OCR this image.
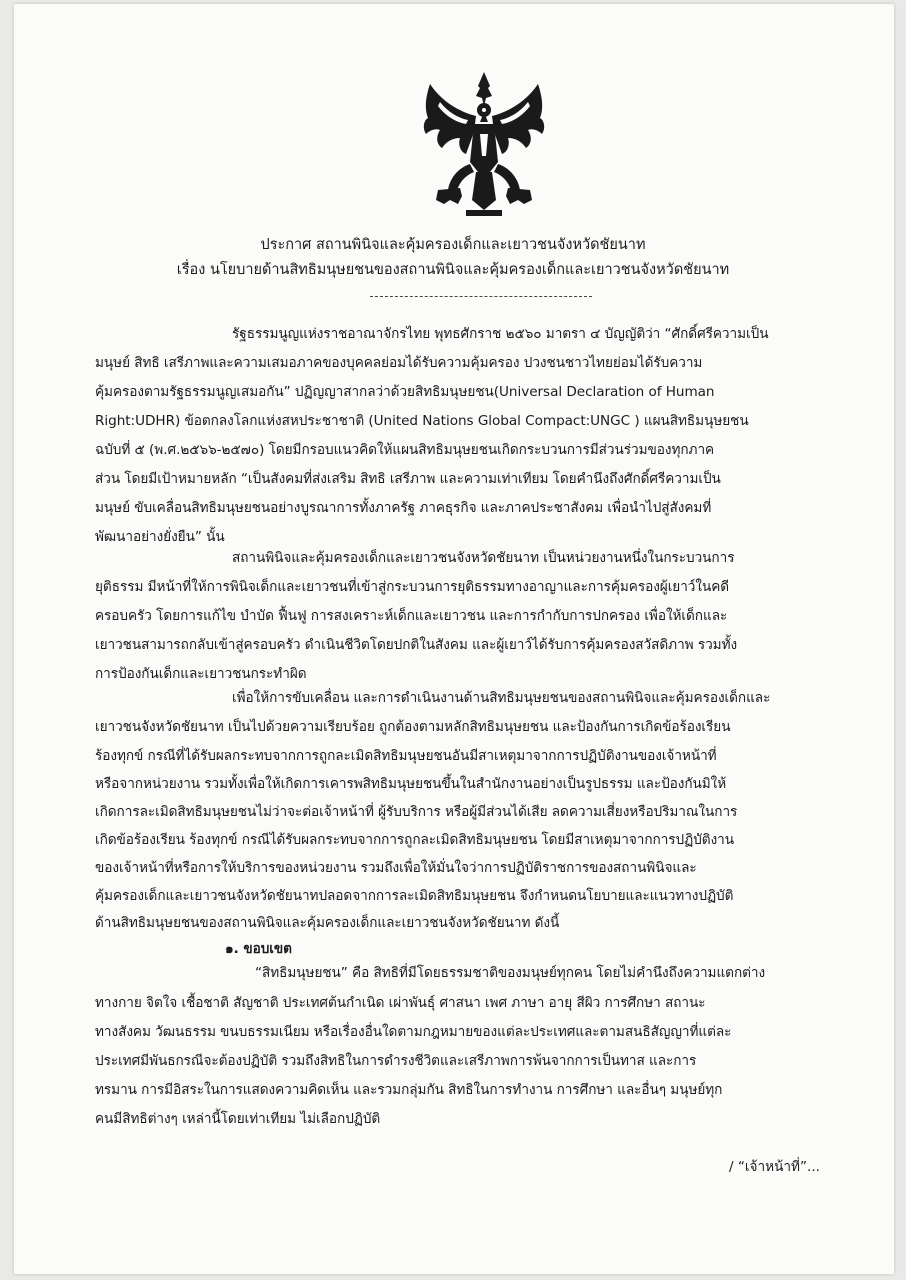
ประกาศ สถานพินิจและคุ้มครองเด็กและเยาวชนจังหวัดชัยนาท
เรื่อง นโยบายด้านสิทธิมนุษยชนของสถานพินิจและคุ้มครองเด็กและเยาวชนจังหวัดชัยนาท
รัฐธรรมนูญแห่งราชอาณาจักรไทย พุทธศักราช ๒๕๖๐ มาตรา ๔ บัญญัติว่า “ศักดิ์ศรีความเป็น
มนุษย์ สิทธิ เสรีภาพและความเสมอภาคของบุคคลย่อมได้รับความคุ้มครอง ปวงชนชาวไทยย่อมได้รับความ
คุ้มครองตามรัฐธรรมนูญเสมอกัน” ปฏิญญาสากลว่าด้วยสิทธิมนุษยชน(Universal Declaration of Human
Right:UDHR) ข้อตกลงโลกแห่งสหประชาชาติ (United Nations Global Compact:UNGC ) แผนสิทธิมนุษยชน
ฉบับที่ ๕ (พ.ศ.๒๕๖๖-๒๕๗๐) โดยมีกรอบแนวคิดให้แผนสิทธิมนุษยชนเกิดกระบวนการมีส่วนร่วมของทุกภาค
ส่วน โดยมีเป้าหมายหลัก “เป็นสังคมที่ส่งเสริม สิทธิ เสรีภาพ และความเท่าเทียม โดยคำนึงถึงศักดิ์ศรีความเป็น
มนุษย์ ขับเคลื่อนสิทธิมนุษยชนอย่างบูรณาการทั้งภาครัฐ ภาคธุรกิจ และภาคประชาสังคม เพื่อนำไปสู่สังคมที่
พัฒนาอย่างยั่งยืน” นั้น
สถานพินิจและคุ้มครองเด็กและเยาวชนจังหวัดชัยนาท เป็นหน่วยงานหนึ่งในกระบวนการ
ยุติธรรม มีหน้าที่ให้การพินิจเด็กและเยาวชนที่เข้าสู่กระบวนการยุติธรรมทางอาญาและการคุ้มครองผู้เยาว์ในคดี
ครอบครัว โดยการแก้ไข บำบัด ฟื้นฟู การสงเคราะห์เด็กและเยาวชน และการกำกับการปกครอง เพื่อให้เด็กและ
เยาวชนสามารถกลับเข้าสู่ครอบครัว ดำเนินชีวิตโดยปกติในสังคม และผู้เยาว์ได้รับการคุ้มครองสวัสดิภาพ รวมทั้ง
การป้องกันเด็กและเยาวชนกระทำผิด
เพื่อให้การขับเคลื่อน และการดำเนินงานด้านสิทธิมนุษยชนของสถานพินิจและคุ้มครองเด็กและ
เยาวชนจังหวัดชัยนาท เป็นไปด้วยความเรียบร้อย ถูกต้องตามหลักสิทธิมนุษยชน และป้องกันการเกิดข้อร้องเรียน
ร้องทุกข์ กรณีที่ได้รับผลกระทบจากการถูกละเมิดสิทธิมนุษยชนอันมีสาเหตุมาจากการปฏิบัติงานของเจ้าหน้าที่
หรือจากหน่วยงาน รวมทั้งเพื่อให้เกิดการเคารพสิทธิมนุษยชนขึ้นในสำนักงานอย่างเป็นรูปธรรม และป้องกันมิให้
เกิดการละเมิดสิทธิมนุษยชนไม่ว่าจะต่อเจ้าหน้าที่ ผู้รับบริการ หรือผู้มีส่วนได้เสีย ลดความเสี่ยงหรือปริมาณในการ
เกิดข้อร้องเรียน ร้องทุกข์ กรณีได้รับผลกระทบจากการถูกละเมิดสิทธิมนุษยชน โดยมีสาเหตุมาจากการปฏิบัติงาน
ของเจ้าหน้าที่หรือการให้บริการของหน่วยงาน รวมถึงเพื่อให้มั่นใจว่าการปฏิบัติราชการของสถานพินิจและ
คุ้มครองเด็กและเยาวชนจังหวัดชัยนาทปลอดจากการละเมิดสิทธิมนุษยชน จึงกำหนดนโยบายและแนวทางปฏิบัติ
ด้านสิทธิมนุษยชนของสถานพินิจและคุ้มครองเด็กและเยาวชนจังหวัดชัยนาท ดังนี้
๑. ขอบเขต
“สิทธิมนุษยชน” คือ สิทธิที่มีโดยธรรมชาติของมนุษย์ทุกคน โดยไม่คำนึงถึงความแตกต่าง
ทางกาย จิตใจ เชื้อชาติ สัญชาติ ประเทศต้นกำเนิด เผ่าพันธุ์ ศาสนา เพศ ภาษา อายุ สีผิว การศึกษา สถานะ
ทางสังคม วัฒนธรรม ขนบธรรมเนียม หรือเรื่องอื่นใดตามกฎหมายของแต่ละประเทศและตามสนธิสัญญาที่แต่ละ
ประเทศมีพันธกรณีจะต้องปฏิบัติ รวมถึงสิทธิในการดำรงชีวิตและเสรีภาพการพ้นจากการเป็นทาส และการ
ทรมาน การมีอิสระในการแสดงความคิดเห็น และรวมกลุ่มกัน สิทธิในการทำงาน การศึกษา และอื่นๆ มนุษย์ทุก
คนมีสิทธิต่างๆ เหล่านี้โดยเท่าเทียม ไม่เลือกปฏิบัติ
/ “เจ้าหน้าที่”...
